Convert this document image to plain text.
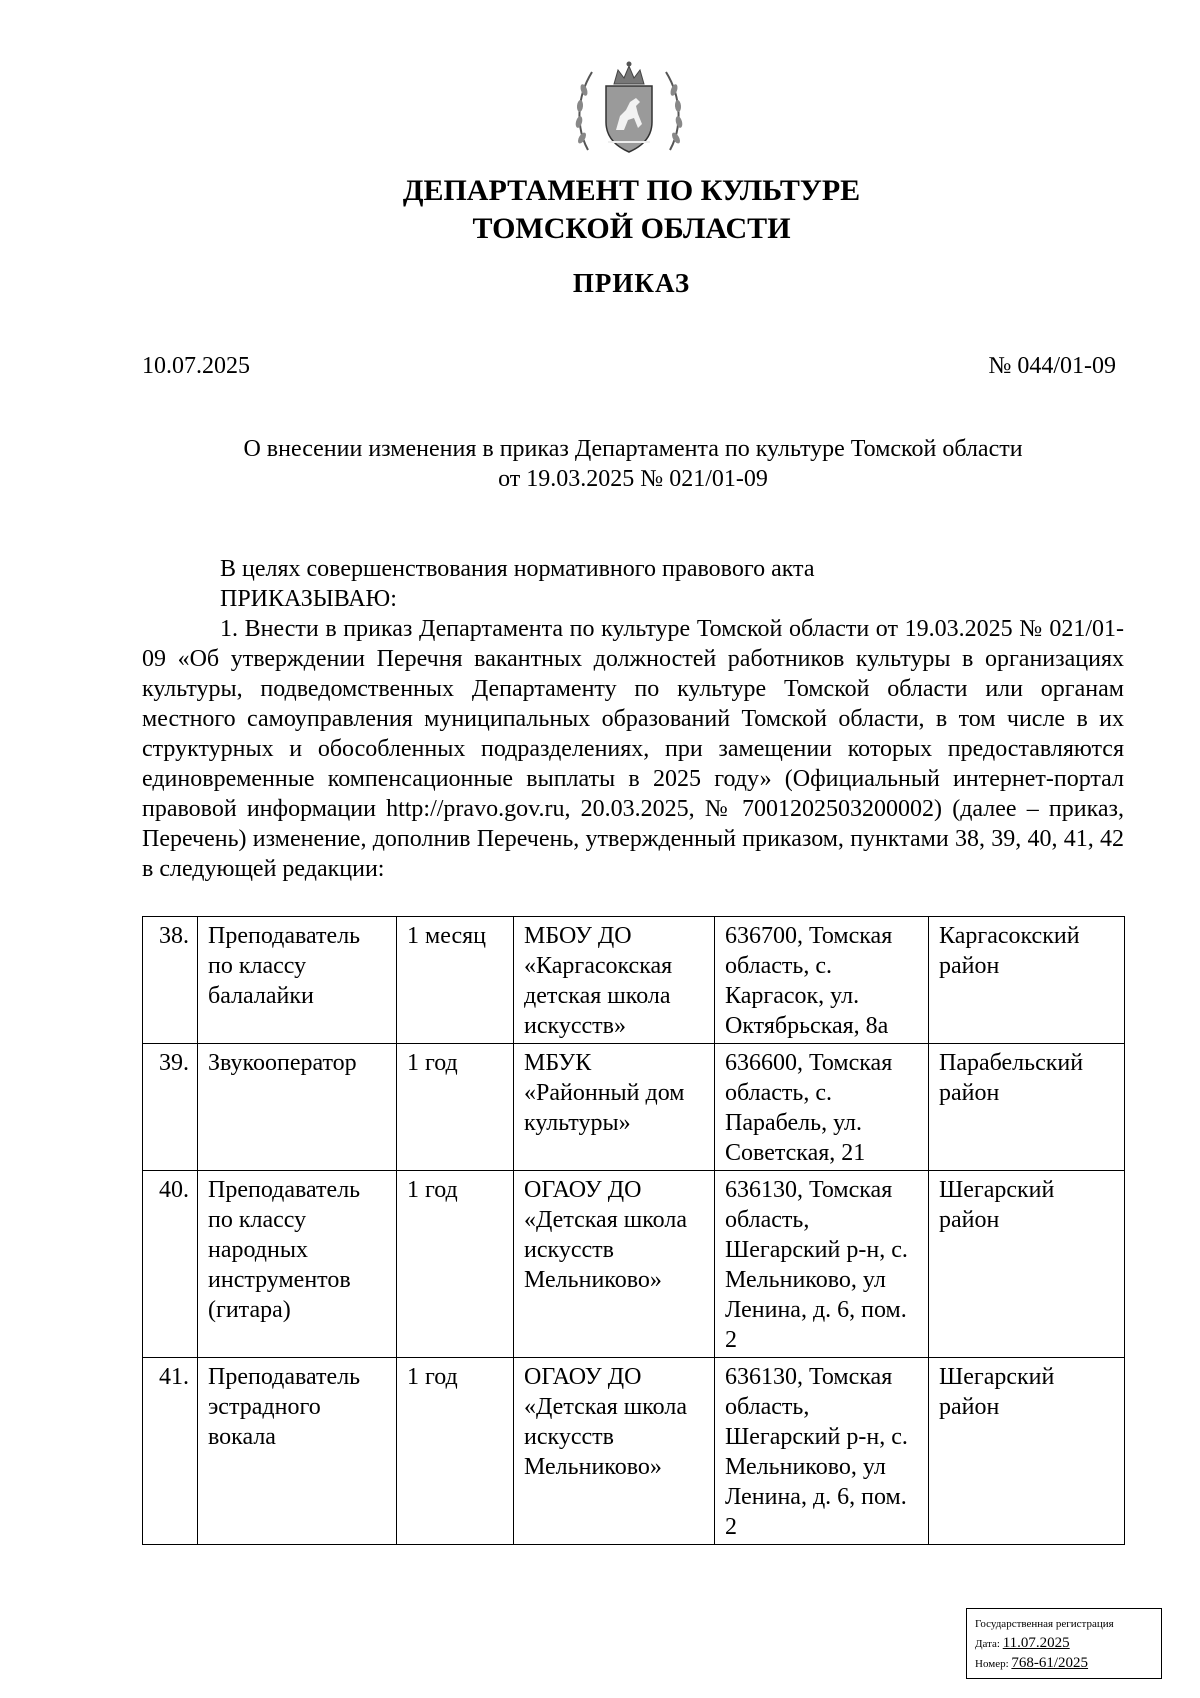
ДЕПАРТАМЕНТ ПО КУЛЬТУРЕ
ТОМСКОЙ ОБЛАСТИ
ПРИКАЗ
10.07.2025	№ 044/01-09
О внесении изменения в приказ Департамента по культуре Томской области
от 19.03.2025 № 021/01-09

В целях совершенствования нормативного правового акта

ПРИКАЗЫВАЮ:

1. Внести в приказ Департамента по культуре Томской области от 19.03.2025 № 021/01-09 «Об утверждении Перечня вакантных должностей работников культуры в организациях культуры, подведомственных Департаменту по культуре Томской области или органам местного самоуправления муниципальных образований Томской области, в том числе в их структурных и обособленных подразделениях, при замещении которых предоставляются единовременные компенсационные выплаты в 2025 году» (Официальный интернет-портал правовой информации http://pravo.gov.ru, 20.03.2025, № 7001202503200002) (далее – приказ, Перечень) изменение, дополнив Перечень, утвержденный приказом, пунктами 38, 39, 40, 41, 42 в следующей редакции:

38.	Преподаватель по классу балалайки	1 месяц	МБОУ ДО «Каргасокская детская школа искусств»	636700, Томская область, с. Каргасок, ул. Октябрьская, 8а	Каргасокский район
39.	Звукооператор	1 год	МБУК «Районный дом культуры»	636600, Томская область, с. Парабель, ул. Советская, 21	Парабельский район
40.	Преподаватель по классу народных инструментов (гитара)	1 год	ОГАОУ ДО «Детская школа искусств Мельниково»	636130, Томская область, Шегарский р-н, с. Мельниково, ул Ленина, д. 6, пом. 2	Шегарский район
41.	Преподаватель эстрадного вокала	1 год	ОГАОУ ДО «Детская школа искусств Мельниково»	636130, Томская область, Шегарский р-н, с. Мельниково, ул Ленина, д. 6, пом. 2	Шегарский район
Государственная регистрация
Дата: 11.07.2025
Номер: 768-61/2025
